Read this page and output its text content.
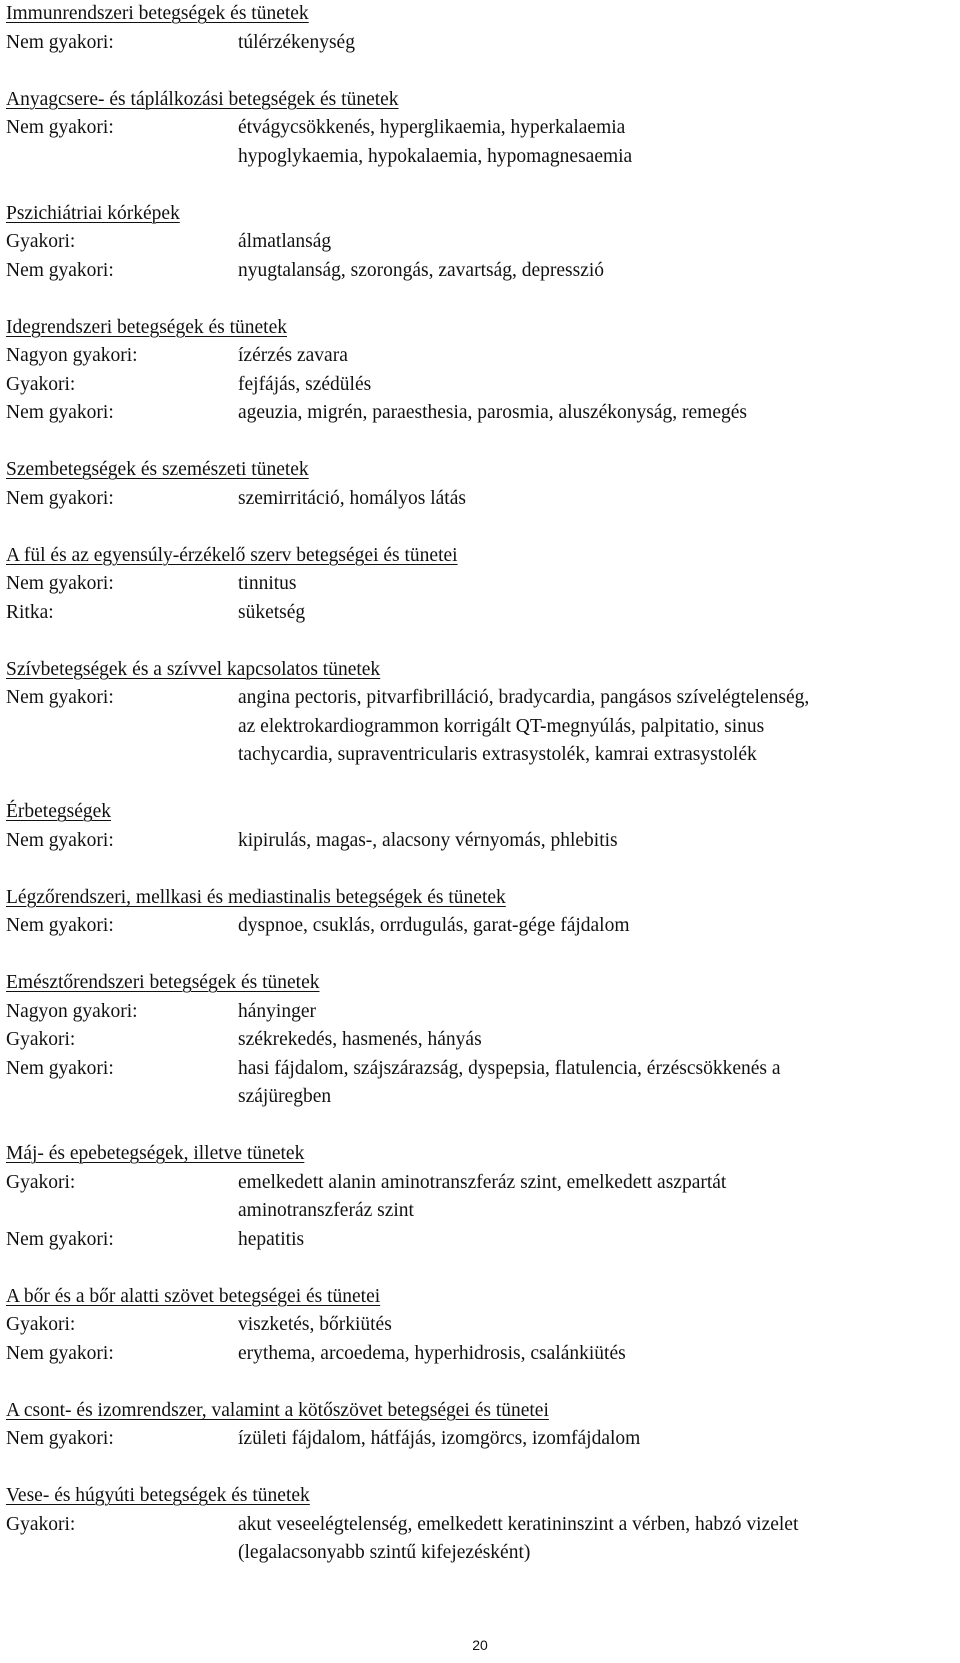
Immunrendszeri betegségek és tünetek
Nem gyakori:	túlérzékenység
Anyagcsere- és táplálkozási betegségek és tünetek
Nem gyakori:	étvágycsökkenés, hyperglikaemia, hyperkalaemia
hypoglykaemia, hypokalaemia, hypomagnesaemia
Pszichiátriai kórképek
Gyakori:	álmatlanság
Nem gyakori:	nyugtalanság, szorongás, zavartság, depresszió
Idegrendszeri betegségek és tünetek
Nagyon gyakori:	ízérzés zavara
Gyakori:	fejfájás, szédülés
Nem gyakori:	ageuzia, migrén, paraesthesia, parosmia, aluszékonyság, remegés
Szembetegségek és szemészeti tünetek
Nem gyakori:	szemirritáció, homályos látás
A fül és az egyensúly-érzékelő szerv betegségei és tünetei
Nem gyakori:	tinnitus
Ritka:	süketség
Szívbetegségek és a szívvel kapcsolatos tünetek
Nem gyakori:	angina pectoris, pitvarfibrilláció, bradycardia, pangásos szívelégtelenség,
az elektrokardiogrammon korrigált QT-megnyúlás, palpitatio, sinus
tachycardia, supraventricularis extrasystolék, kamrai extrasystolék
Érbetegségek
Nem gyakori:	kipirulás, magas-, alacsony vérnyomás, phlebitis
Légzőrendszeri, mellkasi és mediastinalis betegségek és tünetek
Nem gyakori:	dyspnoe, csuklás, orrdugulás, garat-gége fájdalom
Emésztőrendszeri betegségek és tünetek
Nagyon gyakori:	hányinger
Gyakori:	székrekedés, hasmenés, hányás
Nem gyakori:	hasi fájdalom, szájszárazság, dyspepsia, flatulencia, érzéscsökkenés a
szájüregben
Máj- és epebetegségek, illetve tünetek
Gyakori:	emelkedett alanin aminotranszferáz szint, emelkedett aszpartát
aminotranszferáz szint
Nem gyakori:	hepatitis
A bőr és a bőr alatti szövet betegségei és tünetei
Gyakori:	viszketés, bőrkiütés
Nem gyakori:	erythema, arcoedema, hyperhidrosis, csalánkiütés
A csont- és izomrendszer, valamint a kötőszövet betegségei és tünetei
Nem gyakori:	ízületi fájdalom, hátfájás, izomgörcs, izomfájdalom
Vese- és húgyúti betegségek és tünetek
Gyakori:	akut veseelégtelenség, emelkedett keratininszint a vérben, habzó vizelet
(legalacsonyabb szintű kifejezésként)
20
